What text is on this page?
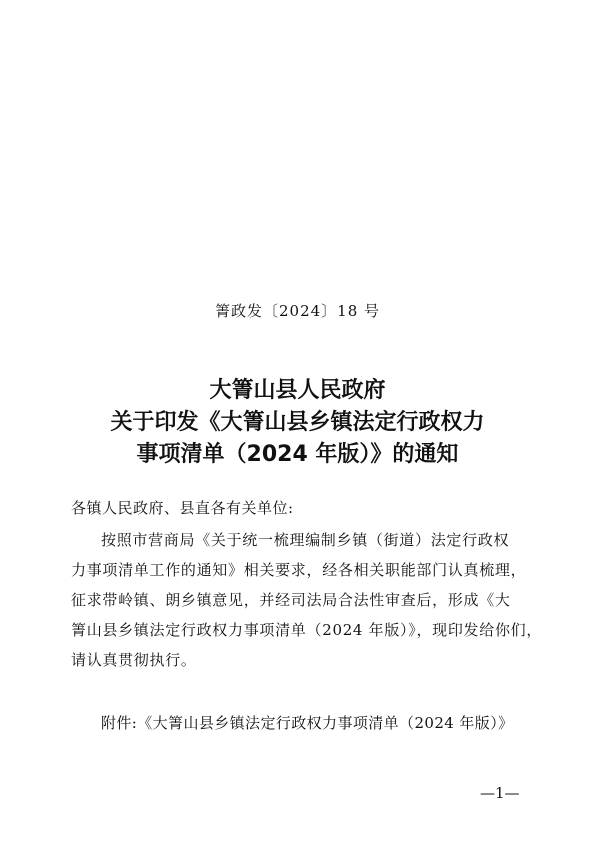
箐政发〔2024〕18 号
大箐山县人民政府
关于印发《大箐山县乡镇法定行政权力
事项清单（2024 年版）》的通知
各镇人民政府、县直各有关单位:
按照市营商局《关于统一梳理编制乡镇（街道）法定行政权
力事项清单工作的通知》相关要求，经各相关职能部门认真梳理，
征求带岭镇、朗乡镇意见，并经司法局合法性审查后，形成《大
箐山县乡镇法定行政权力事项清单（2024 年版）》，现印发给你们，
请认真贯彻执行。
附件:《大箐山县乡镇法定行政权力事项清单（2024 年版）》
—1—
